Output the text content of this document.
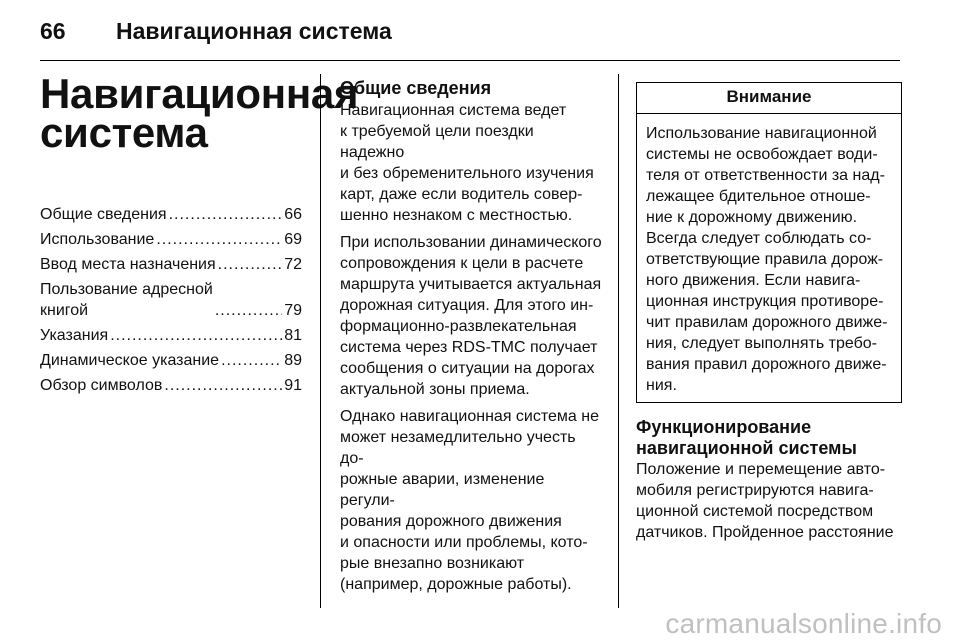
66 Навигационная система
Навигационная
система
Общие сведения .....	66
Использование .....	69
Ввод места назначения .....	72
Пользование адресной
книгой .....	79
Указания .....	81
Динамическое указание .....	89
Обзор символов .....	91
Общие сведения

Навигационная система ведет
к требуемой цели поездки надежно
и без обременительного изучения
карт, даже если водитель совер-
шенно незнаком с местностью.

При использовании динамического
сопровождения к цели в расчете
маршрута учитывается актуальная
дорожная ситуация. Для этого ин-
формационно-развлекательная
система через RDS-TMC получает
сообщения о ситуации на дорогах
актуальной зоны приема.

Однако навигационная система не
может незамедлительно учесть до-
рожные аварии, изменение регули-
рования дорожного движения
и опасности или проблемы, кото-
рые внезапно возникают
(например, дорожные работы).

Внимание
Использование навигационной
системы не освобождает води-
теля от ответственности за над-
лежащее бдительное отноше-
ние к дорожному движению.
Всегда следует соблюдать со-
ответствующие правила дорож-
ного движения. Если навига-
ционная инструкция противоре-
чит правилам дорожного движе-
ния, следует выполнять требо-
вания правил дорожного движе-
ния.
Функционирование
навигационной системы

Положение и перемещение авто-
мобиля регистрируются навига-
ционной системой посредством
датчиков. Пройденное расстояние

carmanualsonline.info
